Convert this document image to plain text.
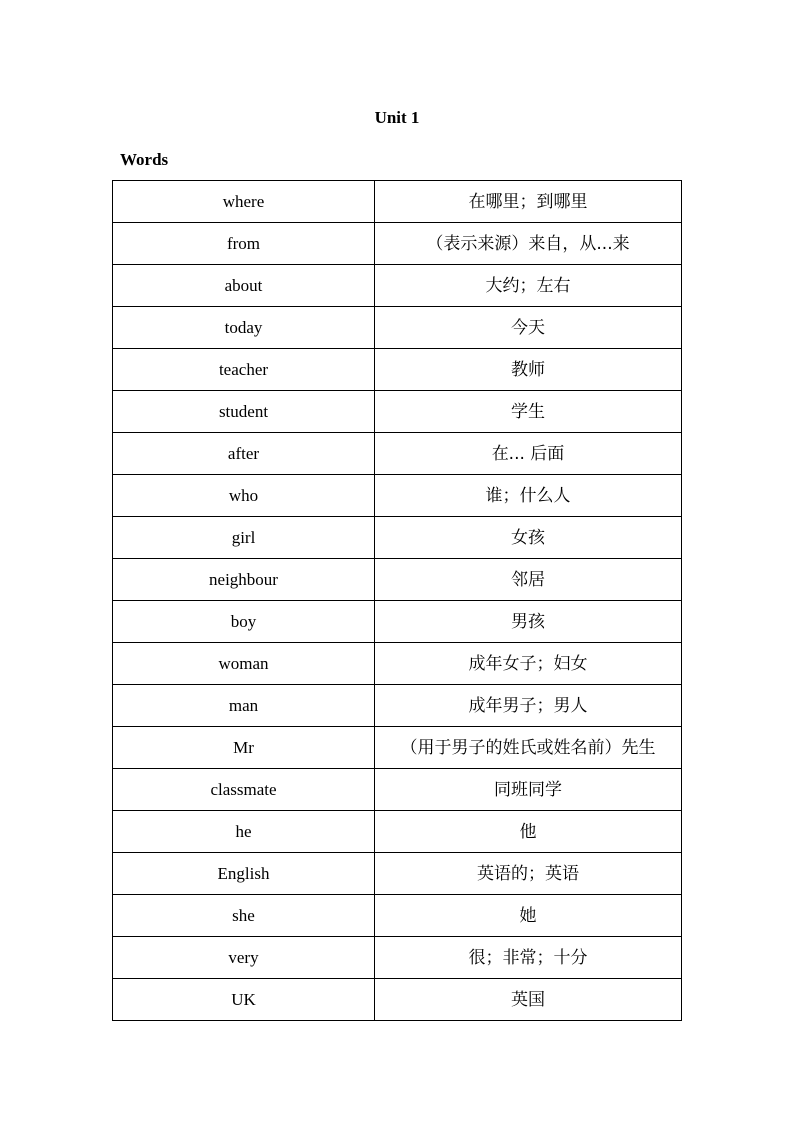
Unit 1
Words
where	在哪里；到哪里
from	（表示来源）来自，从...来
about	大约；左右
today	今天
teacher	教师
student	学生
after	在... 后面
who	谁；什么人
girl	女孩
neighbour	邻居
boy	男孩
woman	成年女子；妇女
man	成年男子；男人
Mr	（用于男子的姓氏或姓名前）先生
classmate	同班同学
he	他
English	英语的；英语
she	她
very	很；非常；十分
UK	英国
